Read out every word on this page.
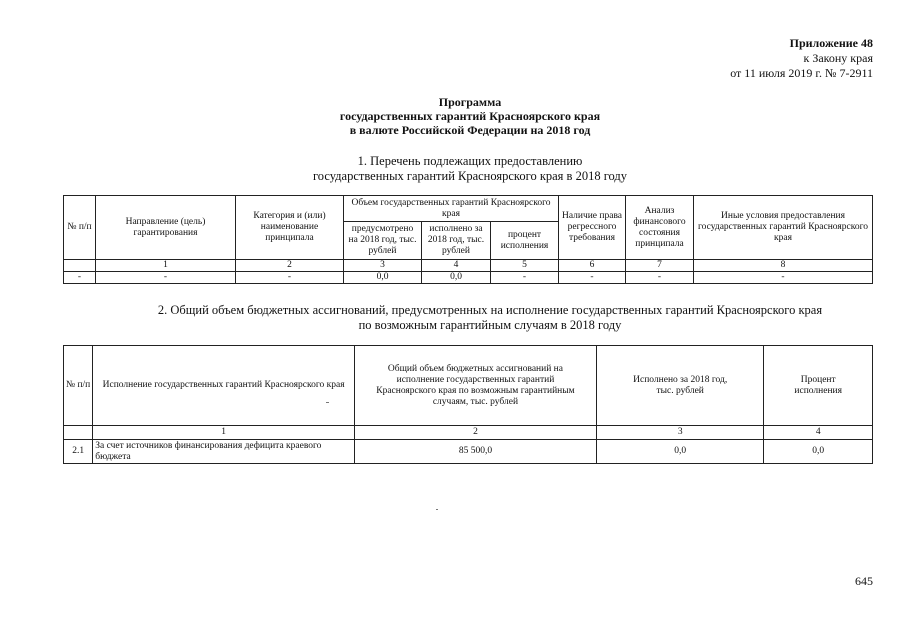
Приложение 48
к Закону края
от 11 июля 2019 г. № 7-2911
Программа
государственных гарантий Красноярского края
в валюте Российской Федерации на 2018 год
1. Перечень подлежащих предоставлению
государственных гарантий Красноярского края в 2018 году
№ п/п	Направление (цель) гарантирования	Категория и (или) наименование принципала	Объем государственных гарантий Красноярского края			Наличие права регрессного требования	Анализ финансового состояния принципала	Иные условия предоставления государственных гарантий Красноярского края
			предусмотрено на 2018 год, тыс. рублей	исполнено за 2018 год, тыс. рублей	процент исполнения			
	1	2	3	4	5	6	7	8
-	-	-	0,0	0,0	-	-	-	-
2. Общий объем бюджетных ассигнований, предусмотренных на исполнение государственных гарантий Красноярского края
по возможным гарантийным случаям в 2018 году
№ п/п	Исполнение государственных гарантий Красноярского края	Общий объем бюджетных ассигнований на исполнение государственных гарантий Красноярского края по возможным гарантийным случаям, тыс. рублей	Исполнено за 2018 год, тыс. рублей	Процент исполнения
	1	2	3	4
2.1	За счет источников финансирования дефицита краевого бюджета	85 500,0	0,0	0,0
645
